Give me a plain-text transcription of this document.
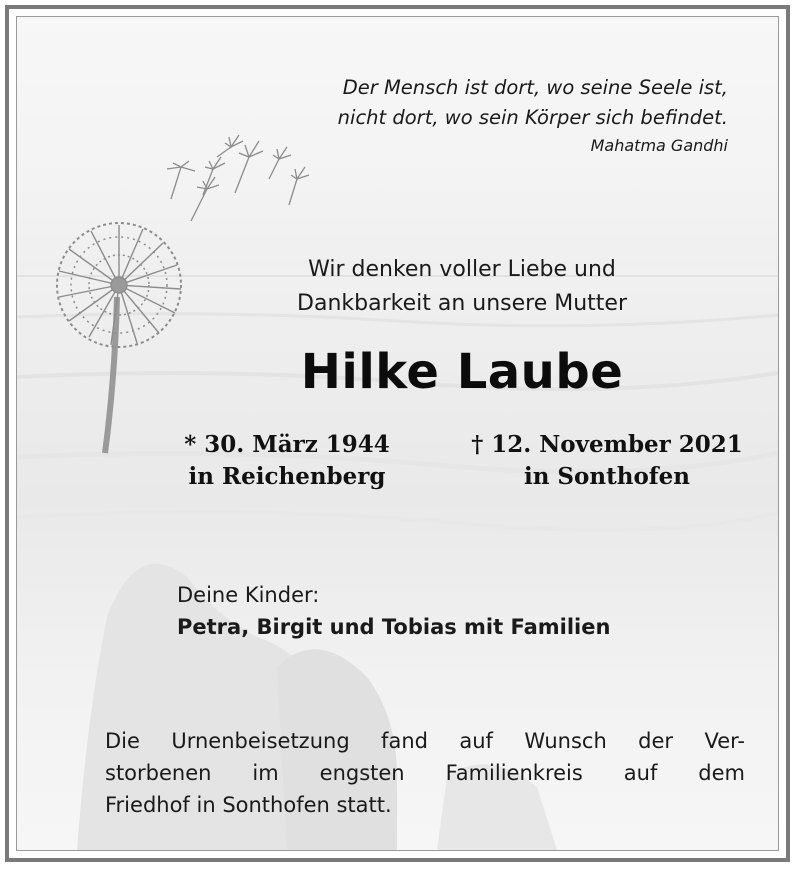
Der Mensch ist dort, wo seine Seele ist,
nicht dort, wo sein Körper sich befindet.
Mahatma Gandhi
Wir denken voller Liebe und
Dankbarkeit an unsere Mutter
Hilke Laube
* 30. März 1944
in Reichenberg
† 12. November 2021
in Sonthofen
Deine Kinder:
Petra, Birgit und Tobias mit Familien
Die Urnenbeisetzung fand auf Wunsch der Ver-
storbenen im engsten Familienkreis auf dem
Friedhof in Sonthofen statt.
